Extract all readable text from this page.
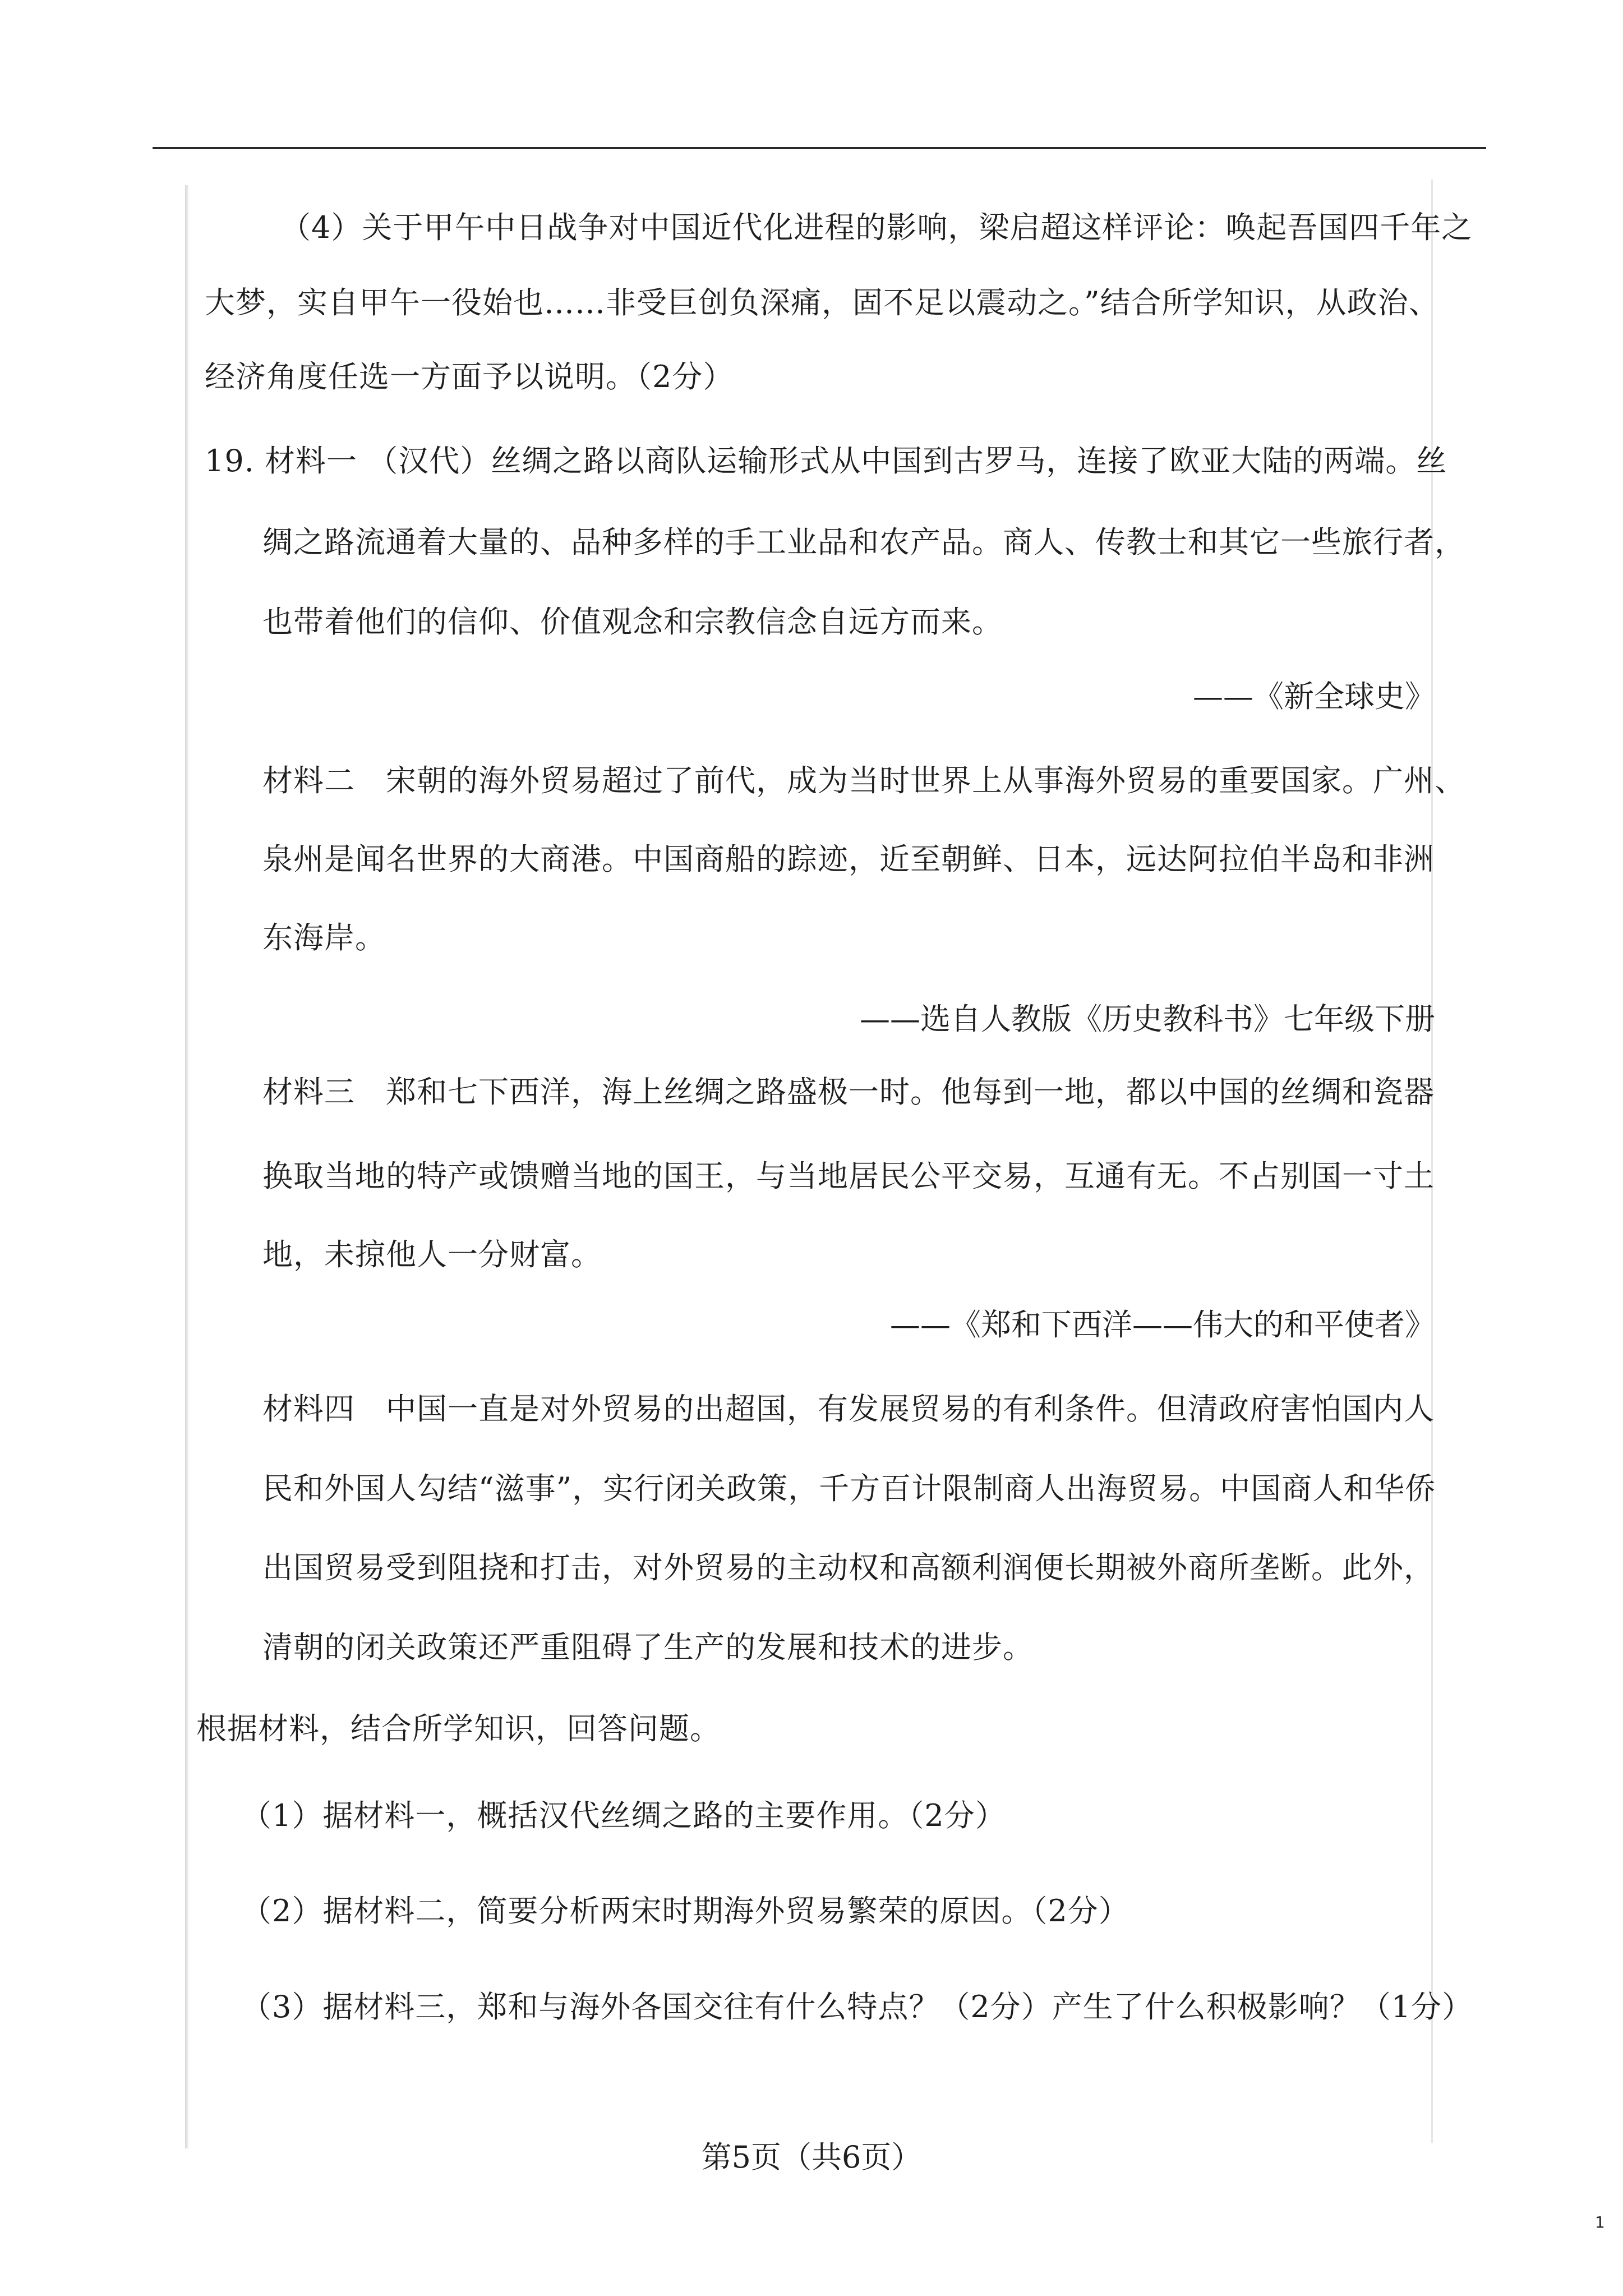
（4）关于甲午中日战争对中国近代化进程的影响，梁启超这样评论：唤起吾国四千年之
大梦，实自甲午一役始也……非受巨创负深痛，固不足以震动之。”结合所学知识，从政治、
经济角度任选一方面予以说明。（2分）
19. 材料一 （汉代）丝绸之路以商队运输形式从中国到古罗马，连接了欧亚大陆的两端。丝
绸之路流通着大量的、品种多样的手工业品和农产品。商人、传教士和其它一些旅行者，
也带着他们的信仰、价值观念和宗教信念自远方而来。
——《新全球史》
材料二　宋朝的海外贸易超过了前代，成为当时世界上从事海外贸易的重要国家。广州、
泉州是闻名世界的大商港。中国商船的踪迹，近至朝鲜、日本，远达阿拉伯半岛和非洲
东海岸。
——选自人教版《历史教科书》七年级下册
材料三　郑和七下西洋，海上丝绸之路盛极一时。他每到一地，都以中国的丝绸和瓷器
换取当地的特产或馈赠当地的国王，与当地居民公平交易，互通有无。不占别国一寸土
地，未掠他人一分财富。
——《郑和下西洋——伟大的和平使者》
材料四　中国一直是对外贸易的出超国，有发展贸易的有利条件。但清政府害怕国内人
民和外国人勾结“滋事”，实行闭关政策，千方百计限制商人出海贸易。中国商人和华侨
出国贸易受到阻挠和打击，对外贸易的主动权和高额利润便长期被外商所垄断。此外，
清朝的闭关政策还严重阻碍了生产的发展和技术的进步。
根据材料，结合所学知识，回答问题。
（1）据材料一，概括汉代丝绸之路的主要作用。（2分）
（2）据材料二，简要分析两宋时期海外贸易繁荣的原因。（2分）
（3）据材料三，郑和与海外各国交往有什么特点？（2分）产生了什么积极影响？（1分）
第5页（共6页）
1
